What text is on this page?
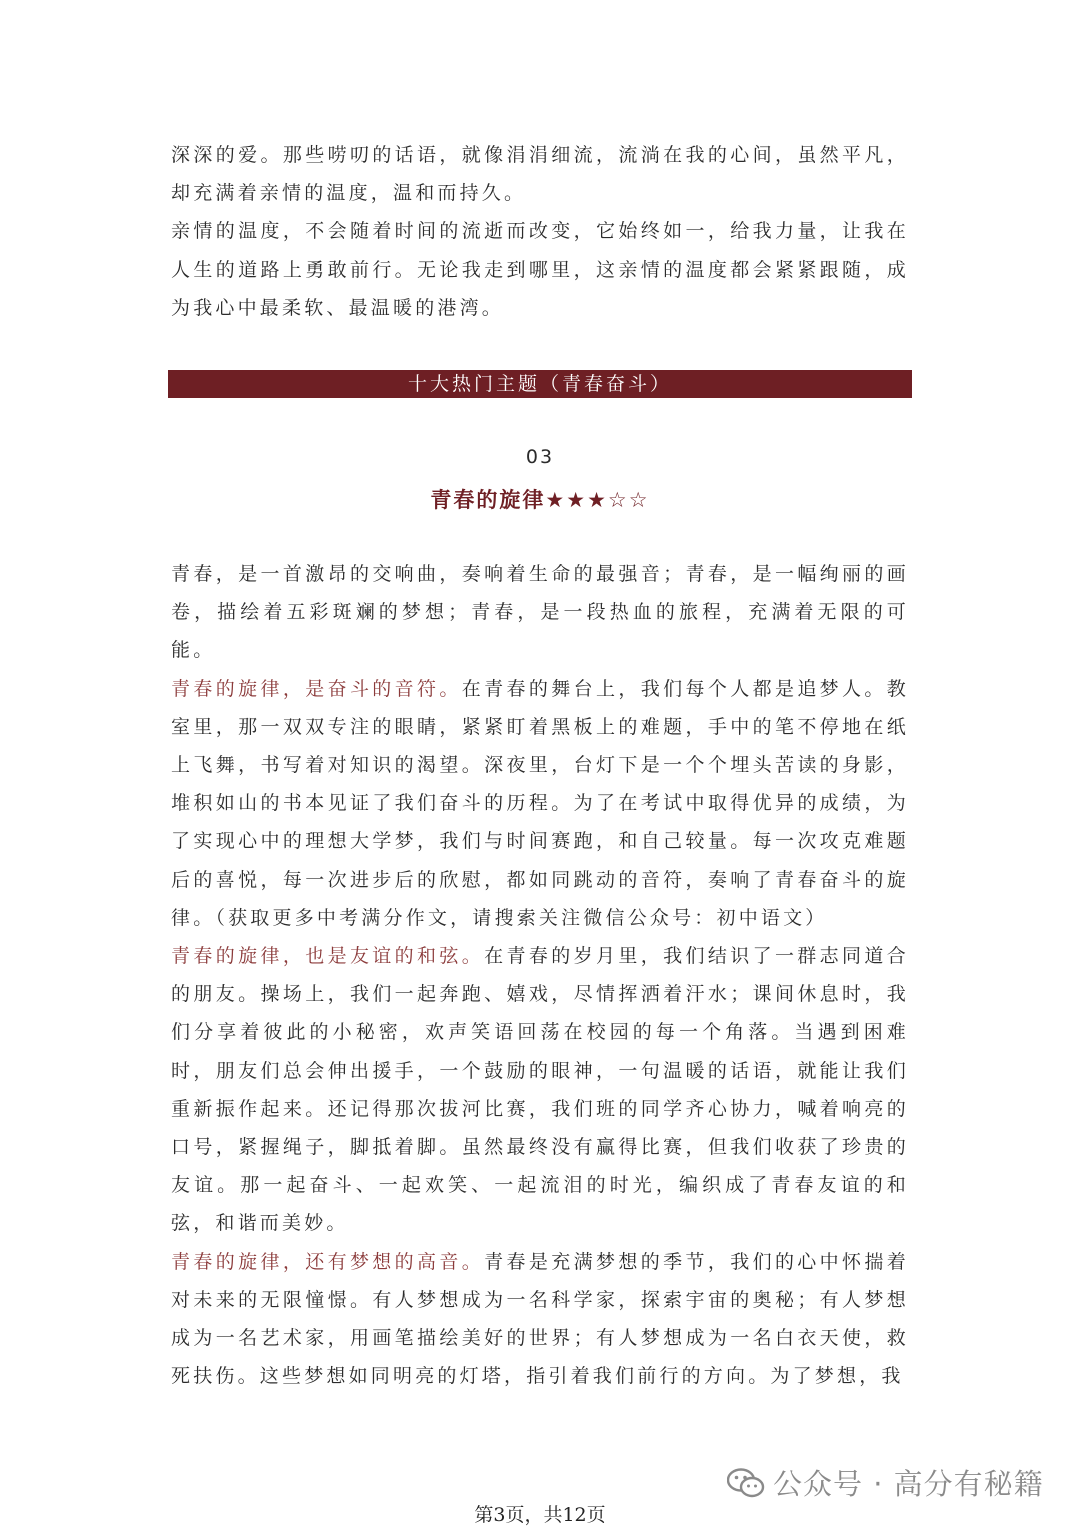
深深的爱。那些唠叨的话语，就像涓涓细流，流淌在我的心间，虽然平凡，却充满着亲情的温度，温和而持久。

亲情的温度，不会随着时间的流逝而改变，它始终如一，给我力量，让我在人生的道路上勇敢前行。无论我走到哪里，这亲情的温度都会紧紧跟随，成为我心中最柔软、最温暖的港湾。

十大热门主题（青春奋斗）
03
青春的旋律★★★☆☆

青春，是一首激昂的交响曲，奏响着生命的最强音；青春，是一幅绚丽的画卷，描绘着五彩斑斓的梦想；青春，是一段热血的旅程，充满着无限的可能。

青春的旋律，是奋斗的音符。在青春的舞台上，我们每个人都是追梦人。教室里，那一双双专注的眼睛，紧紧盯着黑板上的难题，手中的笔不停地在纸上飞舞，书写着对知识的渴望。深夜里，台灯下是一个个埋头苦读的身影，堆积如山的书本见证了我们奋斗的历程。为了在考试中取得优异的成绩，为了实现心中的理想大学梦，我们与时间赛跑，和自己较量。每一次攻克难题后的喜悦，每一次进步后的欣慰，都如同跳动的音符，奏响了青春奋斗的旋律。（获取更多中考满分作文，请搜索关注微信公众号：初中语文）

青春的旋律，也是友谊的和弦。在青春的岁月里，我们结识了一群志同道合的朋友。操场上，我们一起奔跑、嬉戏，尽情挥洒着汗水；课间休息时，我们分享着彼此的小秘密，欢声笑语回荡在校园的每一个角落。当遇到困难时，朋友们总会伸出援手，一个鼓励的眼神，一句温暖的话语，就能让我们重新振作起来。还记得那次拔河比赛，我们班的同学齐心协力，喊着响亮的口号，紧握绳子，脚抵着脚。虽然最终没有赢得比赛，但我们收获了珍贵的友谊。那一起奋斗、一起欢笑、一起流泪的时光，编织成了青春友谊的和弦，和谐而美妙。

青春的旋律，还有梦想的高音。青春是充满梦想的季节，我们的心中怀揣着对未来的无限憧憬。有人梦想成为一名科学家，探索宇宙的奥秘；有人梦想成为一名艺术家，用画笔描绘美好的世界；有人梦想成为一名白衣天使，救死扶伤。这些梦想如同明亮的灯塔，指引着我们前行的方向。为了梦想，我

公众号 · 高分有秘籍
第3页，共12页
